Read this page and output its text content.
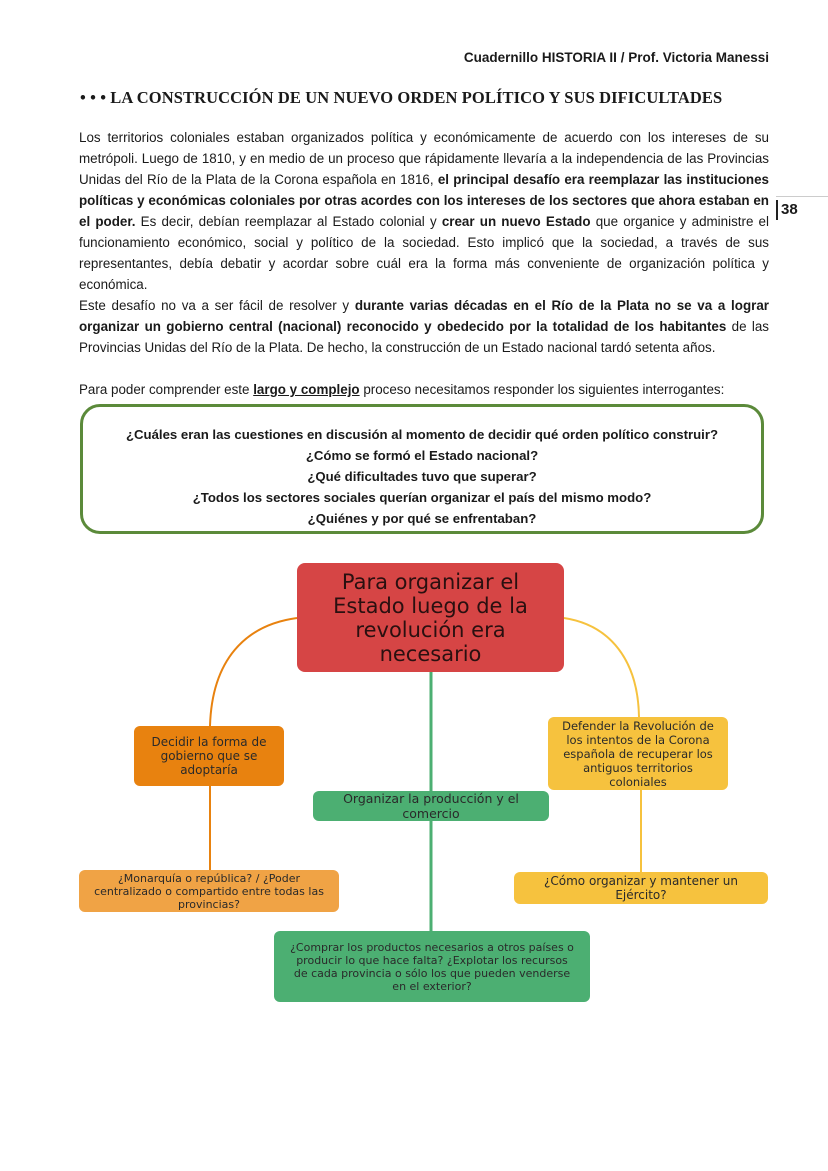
Cuadernillo HISTORIA II / Prof. Victoria Manessi
38
• • • LA CONSTRUCCIÓN DE UN NUEVO ORDEN POLÍTICO Y SUS DIFICULTADES

Los territorios coloniales estaban organizados política y económicamente de acuerdo con los intereses de su metrópoli. Luego de 1810, y en medio de un proceso que rápidamente llevaría a la independencia de las Provincias Unidas del Río de la Plata de la Corona española en 1816, el principal desafío era reemplazar las instituciones políticas y económicas coloniales por otras acordes con los intereses de los sectores que ahora estaban en el poder. Es decir, debían reemplazar al Estado colonial y crear un nuevo Estado que organice y administre el funcionamiento económico, social y político de la sociedad. Esto implicó que la sociedad, a través de sus representantes, debía debatir y acordar sobre cuál era la forma más conveniente de organización política y económica.

Este desafío no va a ser fácil de resolver y durante varias décadas en el Río de la Plata no se va a lograr organizar un gobierno central (nacional) reconocido y obedecido por la totalidad de los habitantes de las Provincias Unidas del Río de la Plata. De hecho, la construcción de un Estado nacional tardó setenta años.

Para poder comprender este largo y complejo proceso necesitamos responder los siguientes interrogantes:

¿Cuáles eran las cuestiones en discusión al momento de decidir qué orden político construir?
¿Cómo se formó el Estado nacional?
¿Qué dificultades tuvo que superar?
¿Todos los sectores sociales querían organizar el país del mismo modo?
¿Quiénes y por qué se enfrentaban?
Para organizar el Estado luego de la revolución era necesario
Decidir la forma de gobierno que se adoptaría
¿Monarquía o república? / ¿Poder centralizado o compartido entre todas las provincias?
Organizar la producción y el comercio
¿Comprar los productos necesarios a otros países o producir lo que hace falta? ¿Explotar los recursos de cada provincia o sólo los que pueden venderse en el exterior?
Defender la Revolución de los intentos de la Corona española de recuperar los antiguos territorios coloniales
¿Cómo organizar y mantener un Ejército?
